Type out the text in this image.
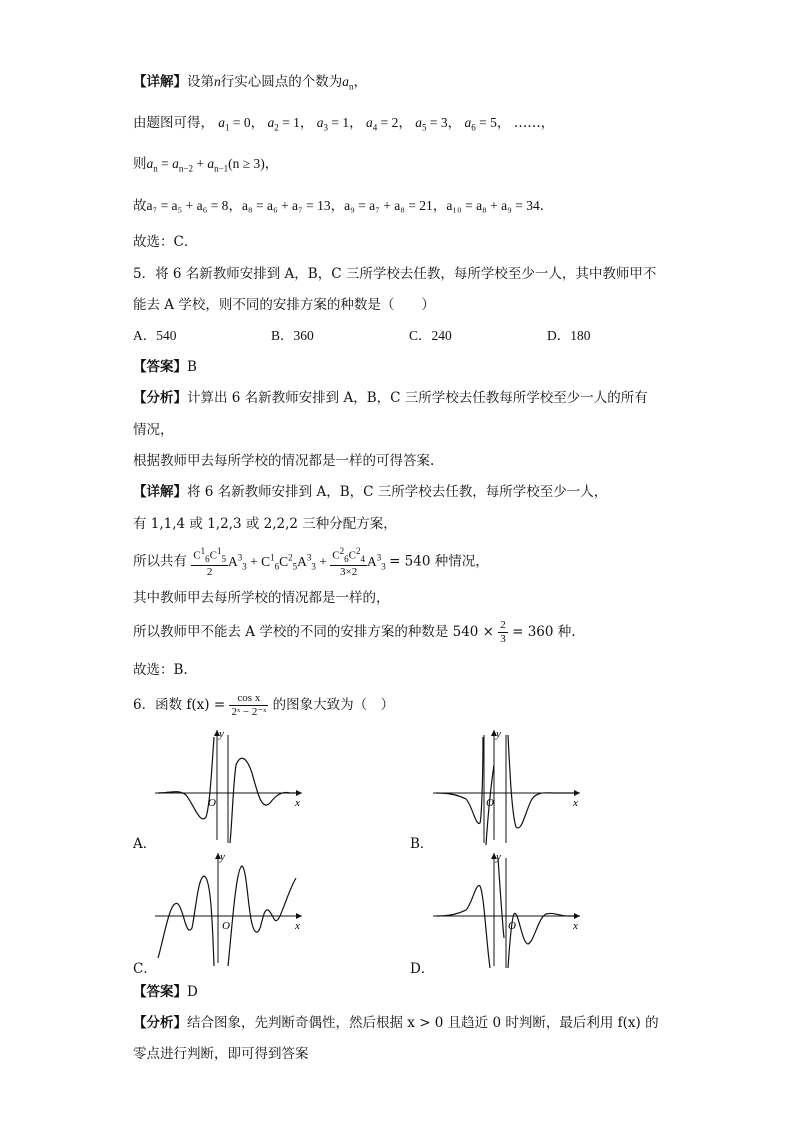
【详解】设第n行实心圆点的个数为$a_n$，
由题图可得， $a_1 = 0$， $a_2 = 1$， $a_3 = 1$， $a_4 = 2$， $a_5 = 3$， $a_6 = 5$， ……，
则$a_n = a_{n-2} + a_{n-1}(n \ge 3)$，
故a₇ = a₅ + a₆ = 8，a₈ = a₆ + a₇ = 13，a₉ = a₇ + a₈ = 21，a₁₀ = a₈ + a₉ = 34．
故选：C．
5．将 6 名新教师安排到 A，B，C 三所学校去任教，每所学校至少一人，其中教师甲不
能去 A 学校，则不同的安排方案的种数是（　　）
A．540	B．360	C．240	D．180
【答案】B
【分析】计算出 6 名新教师安排到 A，B，C 三所学校去任教每所学校至少一人的所有
情况，
根据教师甲去每所学校的情况都是一样的可得答案.
【详解】将 6 名新教师安排到 A，B，C 三所学校去任教，每所学校至少一人，
有 1,1,4 或 1,2,3 或 2,2,2 三种分配方案，
所以共有 $\frac{C^1_6C^1_5}{2} A^3_3 + C^1_6C^2_5A^3_3 + \frac{C^2_6C^2_4}{3\times 2} A^3_3 = 540$ 种情况，
其中教师甲去每所学校的情况都是一样的，
所以教师甲不能去 A 学校的不同的安排方案的种数是 $540 \times \frac{2}{3} = 360$ 种.
故选：B.
6．函数 $f(x) = \frac{\text{cos x}}{\text{2ˣ − 2⁻ˣ}}$ 的图象大致为（　）
y
x
O
A．
y
x
O
B．
y
x
O
C．
y
x
O
D．
【答案】D
【分析】结合图象，先判断奇偶性，然后根据 x > 0 且趋近 0 时判断，最后利用 f(x) 的
零点进行判断，即可得到答案
